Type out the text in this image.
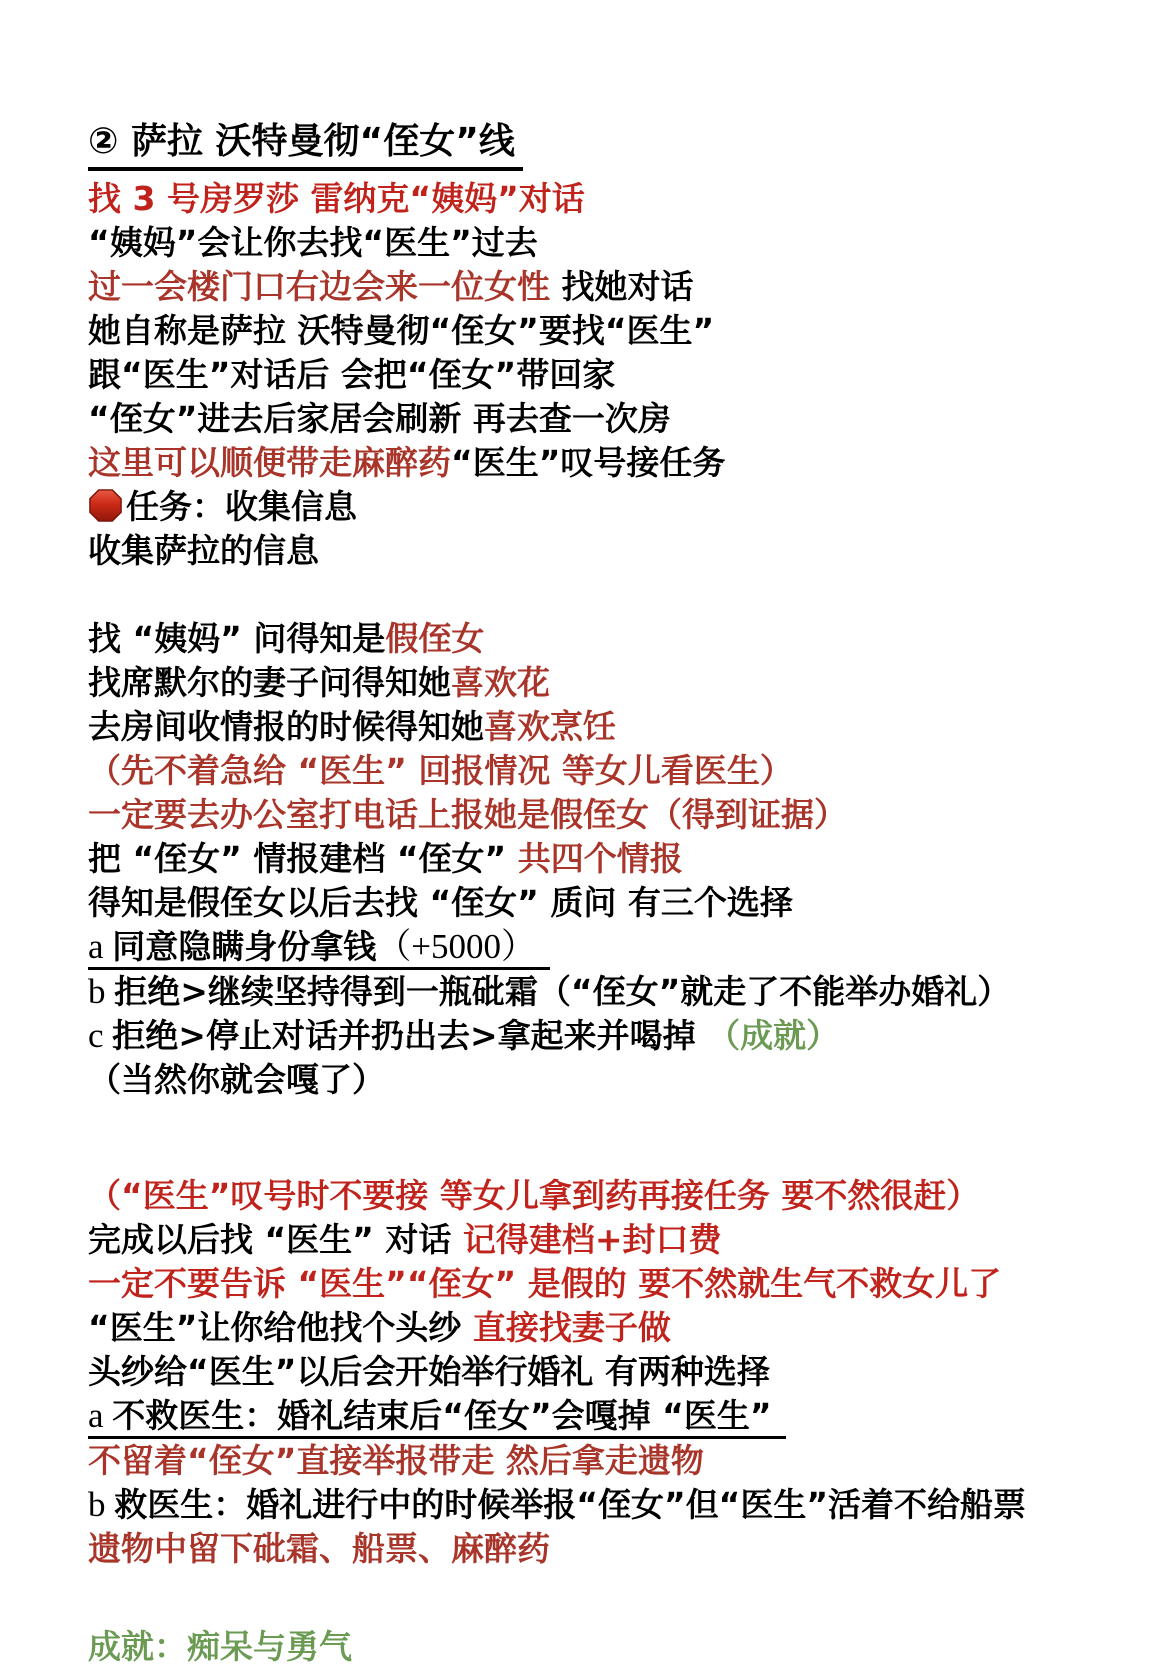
② 萨拉 沃特曼彻“侄女”线
找 3 号房罗莎 雷纳克“姨妈”对话
“姨妈”会让你去找“医生”过去
过一会楼门口右边会来一位女性 找她对话
她自称是萨拉 沃特曼彻“侄女”要找“医生”
跟“医生”对话后 会把“侄女”带回家
“侄女”进去后家居会刷新 再去查一次房
这里可以顺便带走麻醉药“医生”叹号接任务
任务：收集信息
收集萨拉的信息
找 “姨妈” 问得知是假侄女
找席默尔的妻子问得知她喜欢花
去房间收情报的时候得知她喜欢烹饪
（先不着急给 “医生” 回报情况 等女儿看医生）
一定要去办公室打电话上报她是假侄女（得到证据）
把 “侄女” 情报建档 “侄女” 共四个情报
得知是假侄女以后去找 “侄女” 质问 有三个选择
a 同意隐瞒身份拿钱（+5000）
b 拒绝>继续坚持得到一瓶砒霜（“侄女”就走了不能举办婚礼）
c 拒绝>停止对话并扔出去>拿起来并喝掉 （成就）（当然你就会嘎了）
（“医生”叹号时不要接 等女儿拿到药再接任务 要不然很赶）
完成以后找 “医生” 对话 记得建档+封口费
一定不要告诉 “医生”“侄女” 是假的 要不然就生气不救女儿了
“医生”让你给他找个头纱 直接找妻子做
头纱给“医生”以后会开始举行婚礼 有两种选择
a 不救医生：婚礼结束后“侄女”会嘎掉 “医生”
不留着“侄女”直接举报带走 然后拿走遗物
b 救医生：婚礼进行中的时候举报“侄女”但“医生”活着不给船票
遗物中留下砒霜、船票、麻醉药
成就：痴呆与勇气
